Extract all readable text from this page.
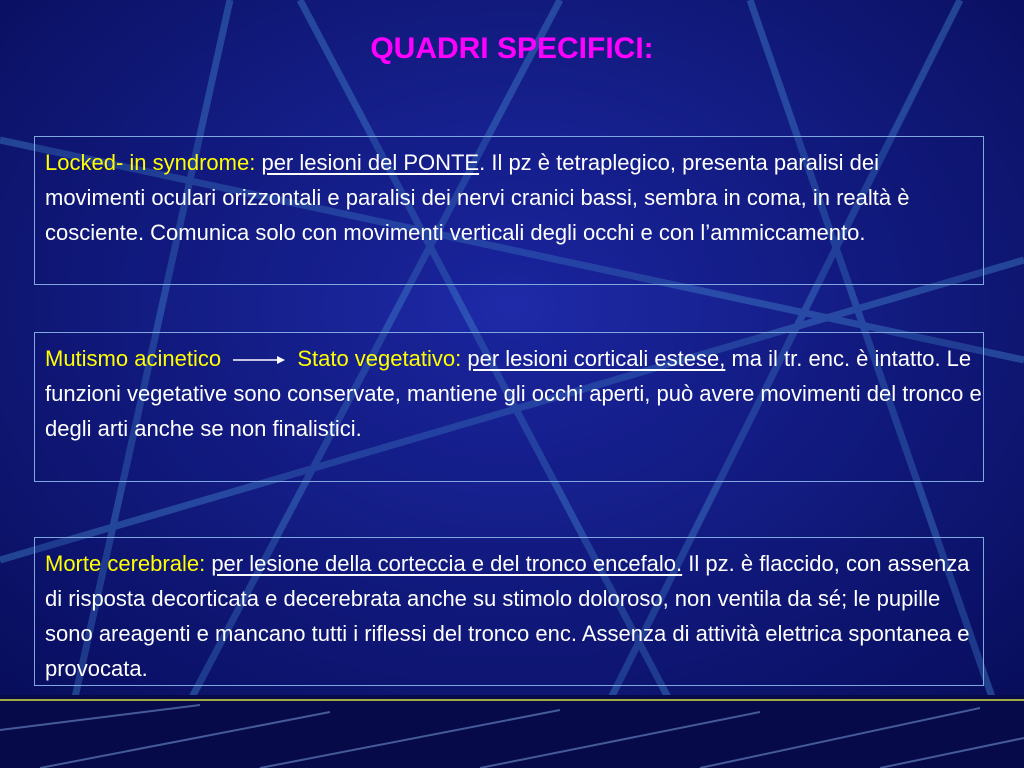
QUADRI SPECIFICI:
Locked- in syndrome: per lesioni del PONTE. Il pz è tetraplegico, presenta paralisi dei movimenti oculari orizzontali e paralisi dei nervi cranici bassi, sembra in coma, in realtà è cosciente. Comunica solo con movimenti verticali degli occhi e con l’ammiccamento.
Mutismo acinetico	Stato vegetativo: per lesioni corticali estese, ma il tr. enc. è intatto. Le funzioni vegetative sono conservate, mantiene gli occhi aperti, può avere movimenti del tronco e degli arti anche se non finalistici.
Morte cerebrale: per lesione della corteccia e del tronco encefalo. Il pz. è flaccido, con assenza di risposta decorticata e decerebrata anche su stimolo doloroso, non ventila da sé; le pupille sono areagenti e mancano tutti i riflessi del tronco enc. Assenza di attività elettrica spontanea e provocata.
